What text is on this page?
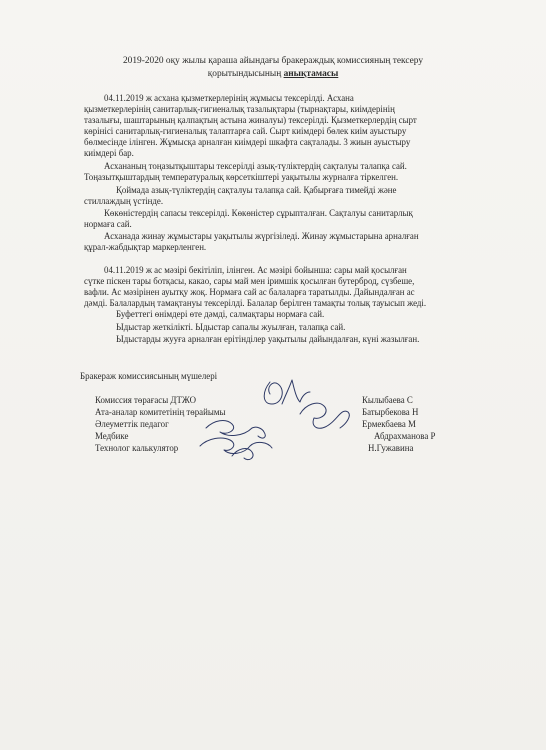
2019-2020 оқу жылы қараша айындағы бракераждық комиссияның тексеру
қорытындысының анықтамасы
04.11.2019 ж асхана қызметкерлерінің жұмысы тексерілді. Асхана
қызметкерлерінің санитарлық-гигиеналық тазалықтары (тырнақтары, киімдерінің
тазалығы, шаштарының қалпақтың астына жиналуы) тексерілді. Қызметкерлердің сырт
көрінісі санитарлық-гигиеналық талаптарға сай. Сырт киімдері бөлек киім ауыстыру
бөлмесінде ілінген. Жұмысқа арналған киімдері шкафта сақталады. 3 жиын ауыстыру
киімдері бар.
Асхананың тоңазытқыштары тексерілді азық-түліктердің сақталуы талапқа сай.
Тоңазытқыштардың температуралық көрсеткіштері уақытылы журналға тіркелген.
Қоймада азық-түліктердің сақталуы талапқа сай. Қабырғаға тимейді және
стиллаждың үстінде.
Көкөністердің сапасы тексерілді. Көкөністер сұрыпталған. Сақталуы санитарлық
нормаға сай.
Асханада жинау жұмыстары уақытылы жүргізіледі. Жинау жұмыстарына арналған
құрал-жабдықтар маркерленген.
04.11.2019 ж ас мәзірі бекітіліп, ілінген. Ас мәзірі бойынша: сары май қосылған
сүтке піскен тары ботқасы, какао, сары май мен іримшік қосылған бутерброд, сүзбеше,
вафли. Ас мәзірінен ауытқу жоқ. Нормаға сай ас балаларға таратылды. Дайындалған ас
дәмді. Балалардың тамақтануы тексерілді. Балалар берілген тамақты толық тауысып жеді.
Буфеттегі өнімдері өте дәмді, салмақтары нормаға сай.
Ыдыстар жеткілікті. Ыдыстар сапалы жуылған, талапқа сай.
Ыдыстарды жууға арналған ерітінділер уақытылы дайындалған, күні жазылған.
Бракераж комиссиясының мүшелері
Комиссия төрағасы ДТЖО
Ата-аналар комитетінің төрайымы
Әлеуметтік педагог
Медбике
Технолог калькулятор
Кылыбаева С
Батырбекова Н
Ермекбаева М
Абдрахманова Р
Н.Гужавина
